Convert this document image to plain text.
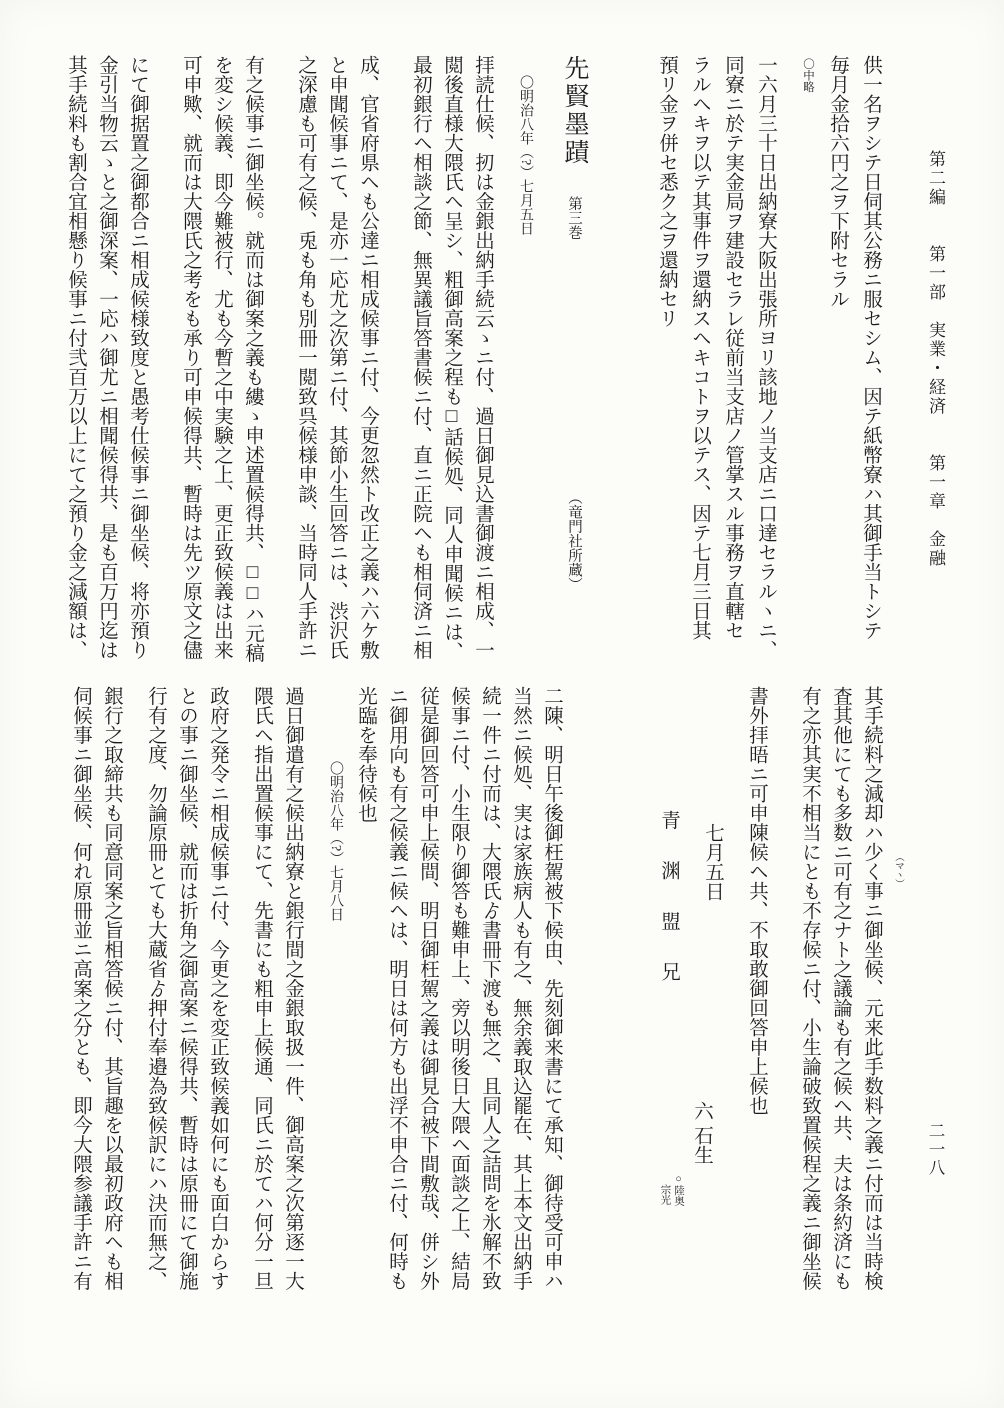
第二編　　第一部　実業・経済　　第一章　金融
二一八

供一名ヲシテ日伺其公務ニ服セシム、因テ紙幣寮ハ其御手当トシテ

毎月金拾六円之ヲ下附セラル

〇中略

一六月三十日出納寮大阪出張所ヨリ該地ノ当支店ニ口達セラルヽニ、

同寮ニ於テ実金局ヲ建設セラレ従前当支店ノ管掌スル事務ヲ直轄セ

ラルヘキヲ以テ其事件ヲ還納スヘキコトヲ以テス、因テ七月三日其

預リ金ヲ併セ悉ク之ヲ還納セリ

先賢墨蹟 第三巻 （竜門社所蔵）

〇明治八年（?）七月五日

拝読仕候、扨は金銀出納手続云ゝニ付、過日御見込書御渡ニ相成、一

閲後直様大隈氏ヘ呈シ、粗御高案之程も□話候処、同人申聞候ニは、

最初銀行ヘ相談之節、無異議旨答書候ニ付、直ニ正院ヘも相伺済ニ相

成、官省府県ヘも公達ニ相成候事ニ付、今更忽然ト改正之義ハ六ケ敷

と申聞候事ニて、是亦一応尤之次第ニ付、其節小生回答ニは、渋沢氏

之深慮も可有之候、兎も角も別冊一閲致呉候様申談、当時同人手許ニ

有之候事ニ御坐候。就而は御案之義も縷ゝ申述置候得共、□□ハ元稿

を変シ候義、即今難被行、尤も今暫之中実験之上、更正致候義は出来

可申歟、就而は大隈氏之考をも承り可申候得共、暫時は先ツ原文之儘

にて御据置之御都合ニ相成候様致度と愚考仕候事ニ御坐候、将亦預り

金引当物云ゝと之御深案、一応ハ御尤ニ相聞候得共、是も百万円迄は

其手続料も割合宜相懸り候事ニ付弐百万以上にて之預り金之減額は、

其手続料之減却ハ少く事 （マヽ）
ニ御坐候、元来此手数料之義ニ付而は当時検

査其他にても多数ニ可有之ナト之議論も有之候ヘ共、夫は条約済にも

有之亦其実不相当にとも不存候ニ付、小生論破致置候程之義ニ御坐候

書外拝晤ニ可申陳候ヘ共、不取敢御回答申上候也

七月五日

青渊盟兄

二陳、明日午後御枉駕被下候由、先刻御来書にて承知、御待受可申ハ

当然ニ候処、実は家族病人も有之、無余義取込罷在、其上本文出納手

続一件ニ付而は、大隈氏ゟ書冊下渡も無之、且同人之詰問を氷解不致

候事ニ付、小生限り御答も難申上、旁以明後日大隈ヘ面談之上、結局

従是御回答可申上候間、明日御枉駕之義は御見合被下間敷哉、併シ外

ニ御用向も有之候義ニ候ヘは、明日は何方も出浮不申合ニ付、何時も

光臨を奉待候也

〇明治八年（?）七月八日

過日御遣有之候出納寮と銀行間之金銀取扱一件、御高案之次第逐一大

隈氏ヘ指出置候事にて、先書にも粗申上候通、同氏ニ於てハ何分一旦

政府之発令ニ相成候事ニ付、今更之を変正致候義如何にも面白からす

との事ニ御坐候、就而は折角之御高案ニ候得共、暫時は原冊にて御施

行有之度、勿論原冊とても大蔵省ゟ押付奉邉為致候訳にハ決而無之、

銀行之取締共も同意同案之旨相答候ニ付、其旨趣を以最初政府ヘも相

伺候事ニ御坐候、何れ原冊並ニ高案之分とも、即今大隈参議手許ニ有	六 石生
○陸奥
宗光
